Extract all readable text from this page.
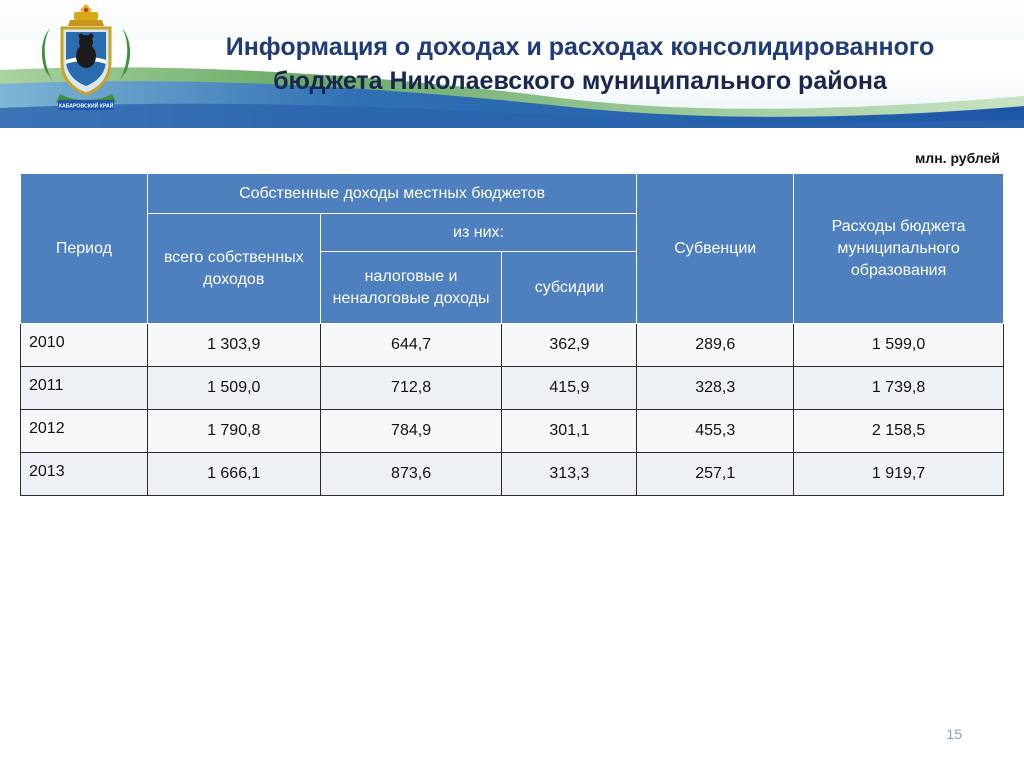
ХАБАРОВСКИЙ КРАЙ
Информация о доходах и расходах консолидированного
бюджета Николаевского муниципального района
млн. рублей
Период	Собственные доходы местных бюджетов			Субвенции	Расходы бюджета муниципального образования
	всего собственных доходов	из них:			
		налоговые и неналоговые доходы	субсидии		
2010	1 303,9	644,7	362,9	289,6	1 599,0
2011	1 509,0	712,8	415,9	328,3	1 739,8
2012	1 790,8	784,9	301,1	455,3	2 158,5
2013	1 666,1	873,6	313,3	257,1	1 919,7
15
